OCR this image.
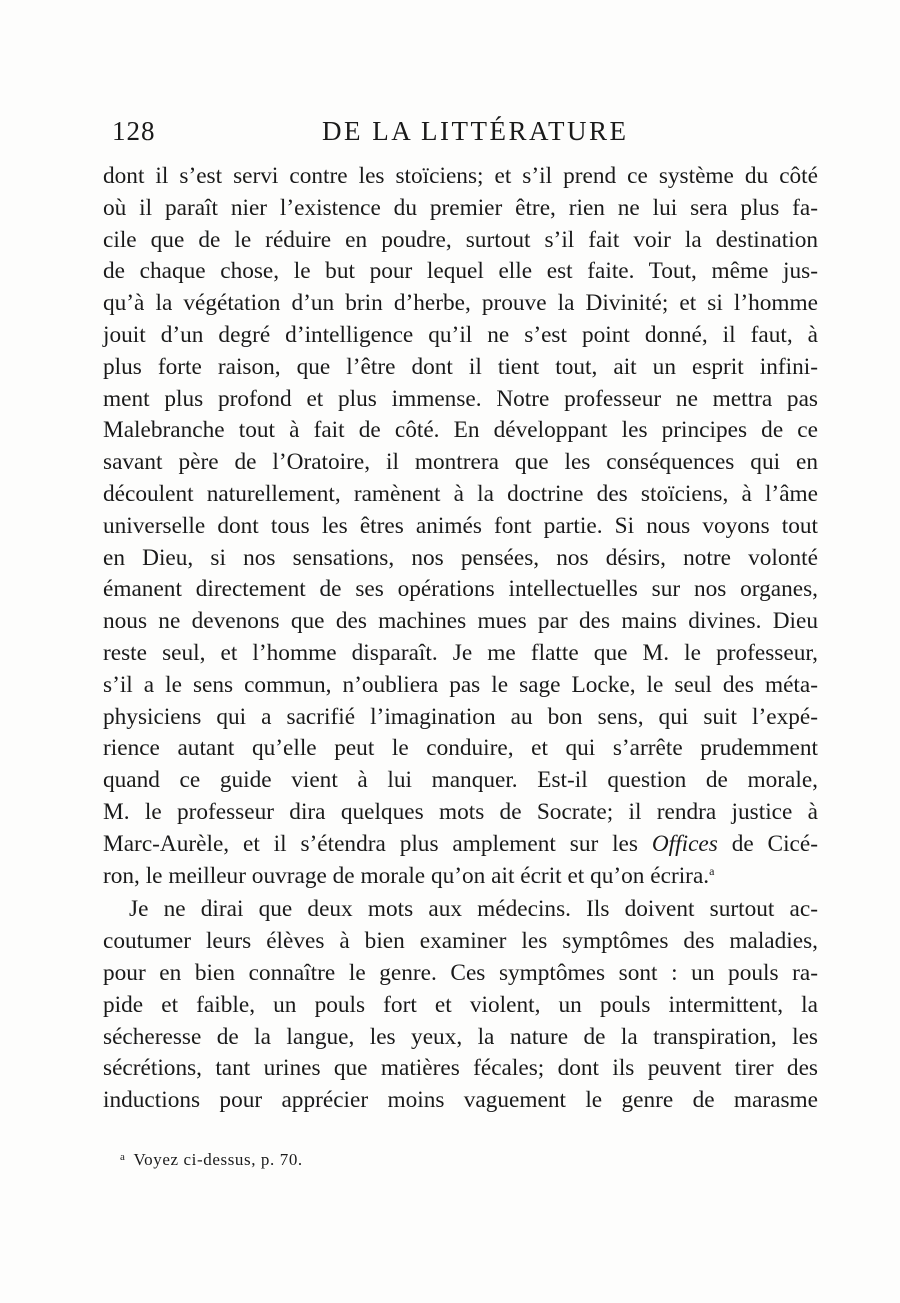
128	DE LA LITTÉRATURE
dont il s’est servi contre les stoïciens; et s’il prend ce système du côté
où il paraît nier l’existence du premier être, rien ne lui sera plus fa-
cile que de le réduire en poudre, surtout s’il fait voir la destination
de chaque chose, le but pour lequel elle est faite. Tout, même jus-
qu’à la végétation d’un brin d’herbe, prouve la Divinité; et si l’homme
jouit d’un degré d’intelligence qu’il ne s’est point donné, il faut, à
plus forte raison, que l’être dont il tient tout, ait un esprit infini-
ment plus profond et plus immense. Notre professeur ne mettra pas
Malebranche tout à fait de côté. En développant les principes de ce
savant père de l’Oratoire, il montrera que les conséquences qui en
découlent naturellement, ramènent à la doctrine des stoïciens, à l’âme
universelle dont tous les êtres animés font partie. Si nous voyons tout
en Dieu, si nos sensations, nos pensées, nos désirs, notre volonté
émanent directement de ses opérations intellectuelles sur nos organes,
nous ne devenons que des machines mues par des mains divines. Dieu
reste seul, et l’homme disparaît. Je me flatte que M. le professeur,
s’il a le sens commun, n’oubliera pas le sage Locke, le seul des méta-
physiciens qui a sacrifié l’imagination au bon sens, qui suit l’expé-
rience autant qu’elle peut le conduire, et qui s’arrête prudemment
quand ce guide vient à lui manquer. Est-il question de morale,
M. le professeur dira quelques mots de Socrate; il rendra justice à
Marc-Aurèle, et il s’étendra plus amplement sur les Offices de Cicé-
ron, le meilleur ouvrage de morale qu’on ait écrit et qu’on écrira.$^a$
Je ne dirai que deux mots aux médecins. Ils doivent surtout ac-
coutumer leurs élèves à bien examiner les symptômes des maladies,
pour en bien connaître le genre. Ces symptômes sont : un pouls ra-
pide et faible, un pouls fort et violent, un pouls intermittent, la
sécheresse de la langue, les yeux, la nature de la transpiration, les
sécrétions, tant urines que matières fécales; dont ils peuvent tirer des
inductions pour apprécier moins vaguement le genre de marasme
$^a$ Voyez ci-dessus, p. 70.
